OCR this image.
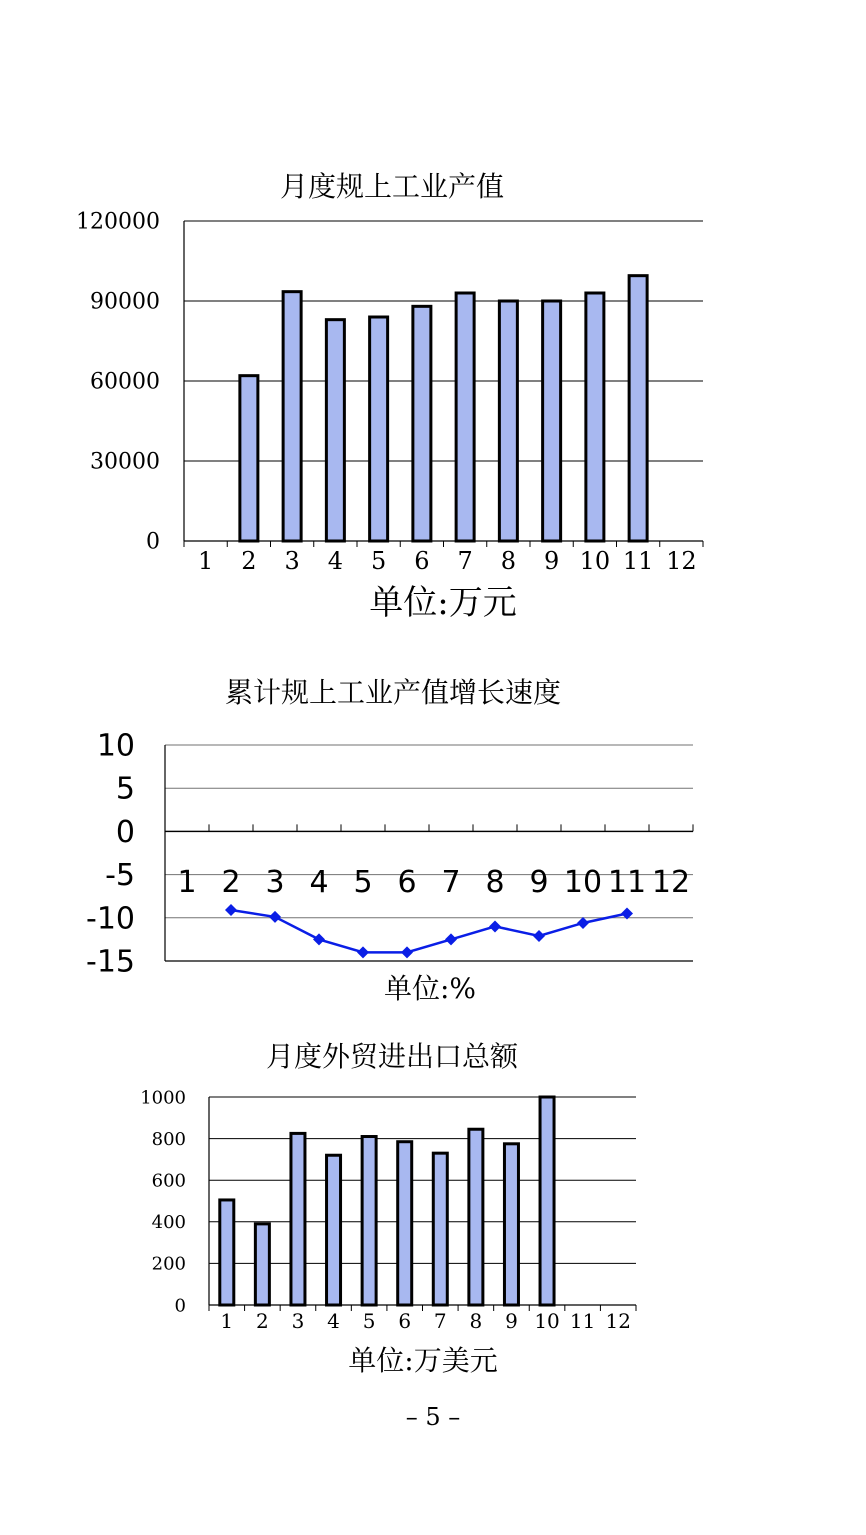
月度规上工业产值
0
30000
60000
90000
120000
1 2 3 4 5 6 7 8 9 10 11 12
单位:万元
累计规上工业产值增长速度
-15
-10
-5
0
5
10
1 2 3 4 5 6 7 8 9 10 11 12
单位:%
月度外贸进出口总额
0
200
400
600
800
1000
1 2 3 4 5 6 7 8 9 10 11 12
单位:万美元
– 5 –
